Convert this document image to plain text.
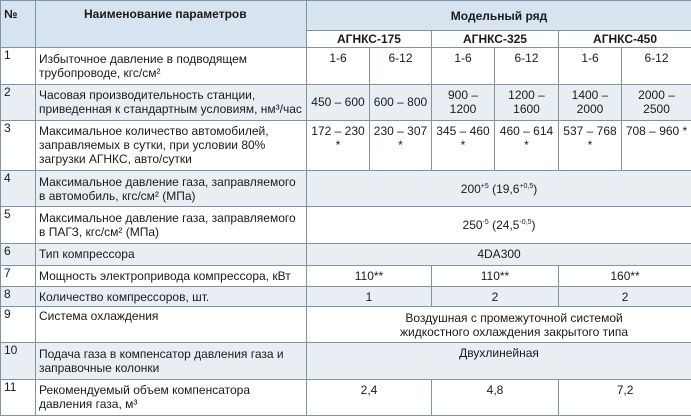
№	Наименование параметров	Модельный ряд					
		АГНКС-175		АГНКС-325		АГНКС-450	
1	Избыточное давление в подводящем трубопроводе, кгс/см²	1-6	6-12	1-6	6-12	1-6	6-12
2	Часовая производительность станции, приведенная к стандартным условиям, нм³/час	450 – 600	600 – 800	900 – 1200	1200 – 1600	1400 – 2000	2000 – 2500
3	Максимальное количество автомобилей, заправляемых в сутки, при условии 80% загрузки АГНКС, авто/сутки	172 – 230 *	230 – 307 *	345 – 460 *	460 – 614 *	537 – 768 *	708 – 960 *
4	Максимальное давление газа, заправляемого в автомобиль, кгс/см² (МПа)	$200^{+5}$ $(19,6^{+0,5})$					
5	Максимальное давление газа, заправляемого в ПАГЗ, кгс/см² (МПа)	$250^{-5}$ $(24,5^{-0,5})$					
6	Тип компрессора	4DA300					
7	Мощность электропривода компрессора, кВт	110**		110**		160**	
8	Количество компрессоров, шт.	1		2		2	
9	Система охлаждения	Воздушная с промежуточной системой жидкостного охлаждения закрытого типа					
10	Подача газа в компенсатор давления газа и заправочные колонки	Двухлинейная					
11	Рекомендуемый объем компенсатора давления газа, м³	2,4		4,8		7,2	
